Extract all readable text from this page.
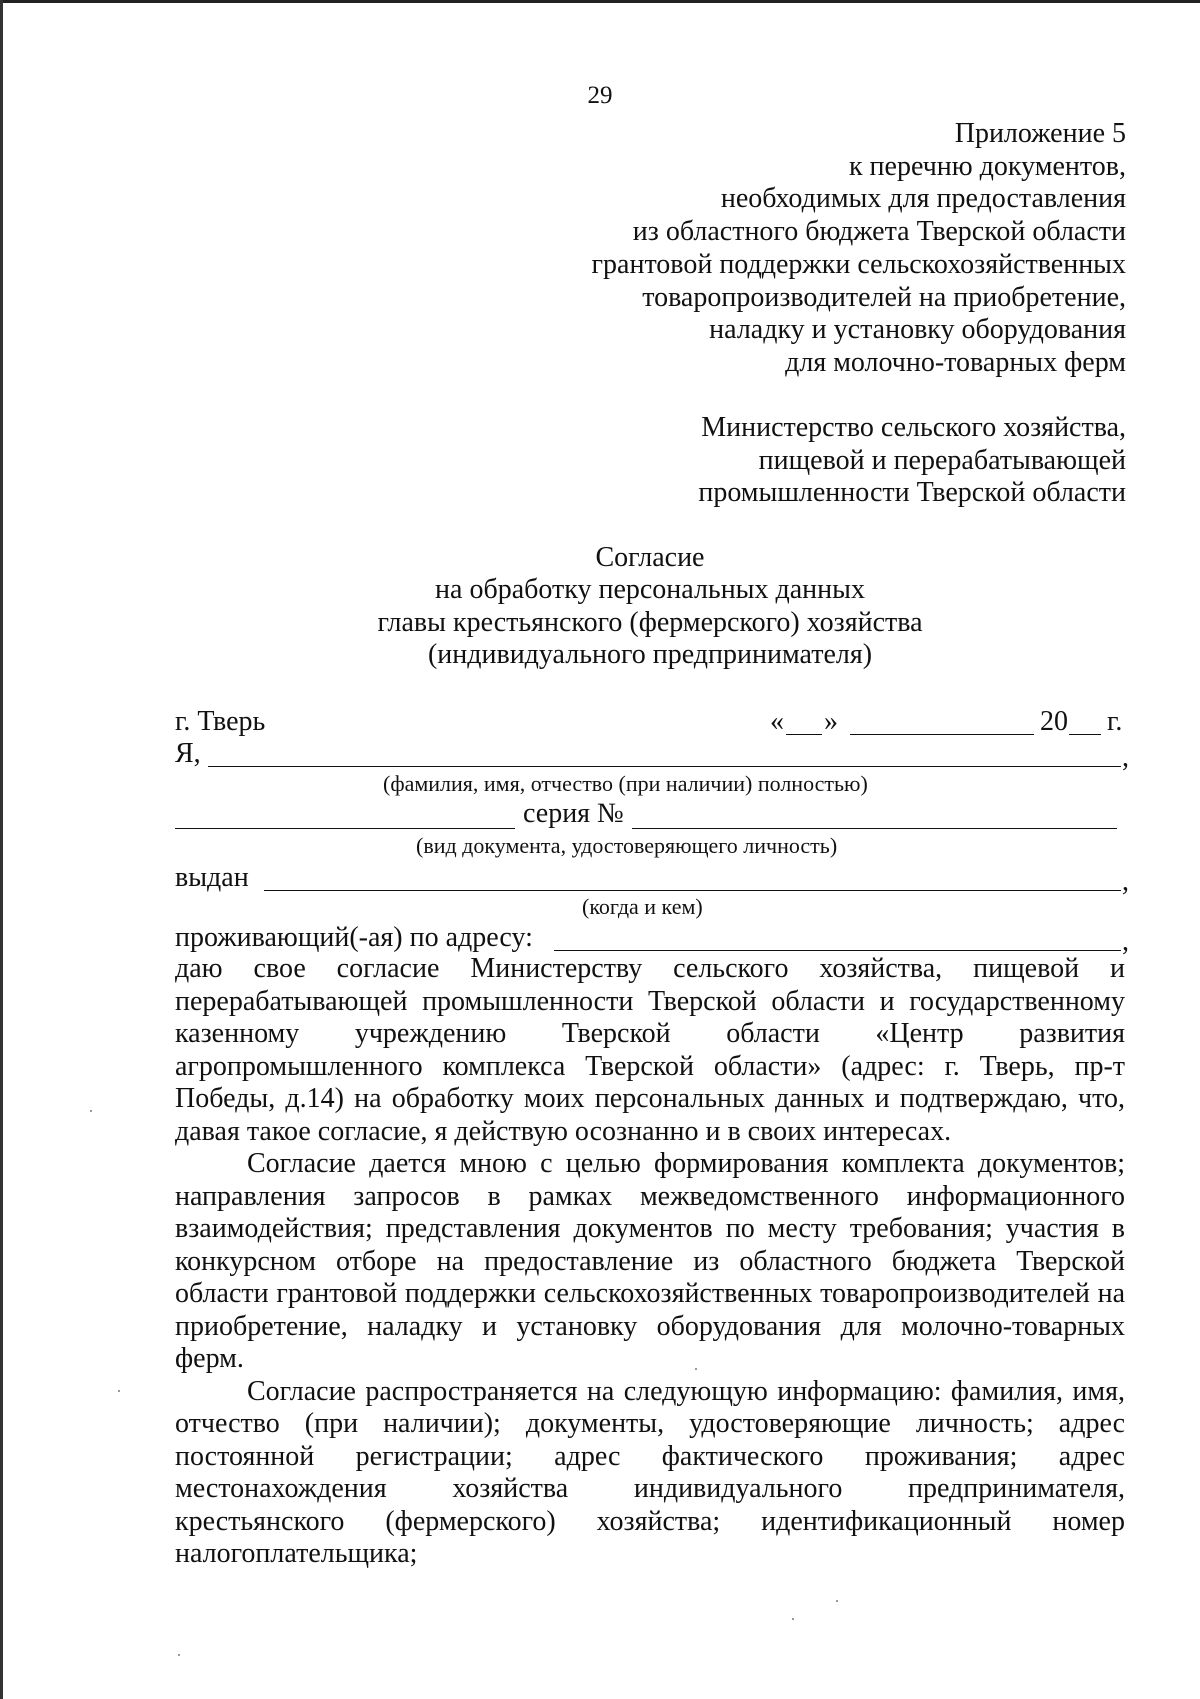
29
Приложение 5
к перечню документов,
необходимых для предоставления
из областного бюджета Тверской области
грантовой поддержки сельскохозяйственных
товаропроизводителей на приобретение,
наладку и установку оборудования
для молочно-товарных ферм
Министерство сельского хозяйства,
пищевой и перерабатывающей
промышленности Тверской области
Согласие
на обработку персональных данных
главы крестьянского (фермерского) хозяйства
(индивидуального предпринимателя)
г. Тверь	« »	20 г.
Я,	,
(фамилия, имя, отчество (при наличии) полностью)
серия №
(вид документа, удостоверяющего личность)
выдан	,
(когда и кем)
проживающий(-ая) по адресу:	,

даю свое согласие Министерству сельского хозяйства, пищевой и перерабатывающей промышленности Тверской области и государственному казенному учреждению Тверской области «Центр развития агропромышленного комплекса Тверской области» (адрес: г. Тверь, пр-т Победы, д.14) на обработку моих персональных данных и подтверждаю, что, давая такое согласие, я действую осознанно и в своих интересах.

Согласие дается мною с целью формирования комплекта документов; направления запросов в рамках межведомственного информационного взаимодействия; представления документов по месту требования; участия в конкурсном отборе на предоставление из областного бюджета Тверской области грантовой поддержки сельскохозяйственных товаропроизводителей на приобретение, наладку и установку оборудования для молочно-товарных ферм.

Согласие распространяется на следующую информацию: фамилия, имя, отчество (при наличии); документы, удостоверяющие личность; адрес постоянной регистрации; адрес фактического проживания; адрес местонахождения хозяйства индивидуального предпринимателя, крестьянского (фермерского) хозяйства; идентификационный номер налогоплательщика;
